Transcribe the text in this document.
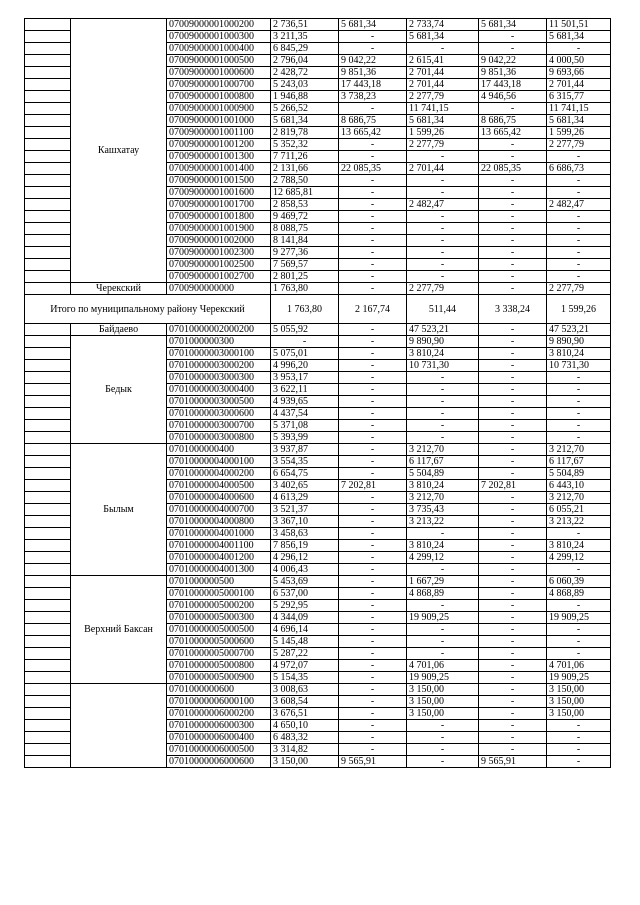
	Кашхатау	07009000001000200	2 736,51	5 681,34	2 733,74	5 681,34	11 501,51
		07009000001000300	3 211,35	-	5 681,34	-	5 681,34
		07009000001000400	6 845,29	-	-	-	-
		07009000001000500	2 796,04	9 042,22	2 615,41	9 042,22	4 000,50
		07009000001000600	2 428,72	9 851,36	2 701,44	9 851,36	9 693,66
		07009000001000700	5 243,03	17 443,18	2 701,44	17 443,18	2 701,44
		07009000001000800	1 946,88	3 738,23	2 277,79	4 946,56	6 315,77
		07009000001000900	5 266,52	-	11 741,15	-	11 741,15
		07009000001001000	5 681,34	8 686,75	5 681,34	8 686,75	5 681,34
		07009000001001100	2 819,78	13 665,42	1 599,26	13 665,42	1 599,26
		07009000001001200	5 352,32	-	2 277,79	-	2 277,79
		07009000001001300	7 711,26	-	-	-	-
		07009000001001400	2 131,66	22 085,35	2 701,44	22 085,35	6 686,73
		07009000001001500	2 788,50	-	-	-	-
		07009000001001600	12 685,81	-	-	-	-
		07009000001001700	2 858,53	-	2 482,47	-	2 482,47
		07009000001001800	9 469,72	-	-	-	-
		07009000001001900	8 088,75	-	-	-	-
		07009000001002000	8 141,84	-	-	-	-
		07009000001002300	9 277,36	-	-	-	-
		07009000001002500	7 569,57	-	-	-	-
		07009000001002700	2 801,25	-	-	-	-
	Черекский	0700900000000	1 763,80	-	2 277,79	-	2 277,79
Итого по муниципальному району Черекский			1 763,80	2 167,74	511,44	3 338,24	1 599,26
	Байдаево	07010000002000200	5 055,92	-	47 523,21	-	47 523,21
	Бедык	0701000000300	-	-	9 890,90	-	9 890,90
		07010000003000100	5 075,01	-	3 810,24	-	3 810,24
		07010000003000200	4 996,20	-	10 731,30	-	10 731,30
		07010000003000300	3 953,17	-	-	-	-
		07010000003000400	3 622,11	-	-	-	-
		07010000003000500	4 939,65	-	-	-	-
		07010000003000600	4 437,54	-	-	-	-
		07010000003000700	5 371,08	-	-	-	-
		07010000003000800	5 393,99	-	-	-	-
	Былым	0701000000400	3 937,87	-	3 212,70	-	3 212,70
		07010000004000100	3 554,35	-	6 117,67	-	6 117,67
		07010000004000200	6 654,75	-	5 504,89	-	5 504,89
		07010000004000500	3 402,65	7 202,81	3 810,24	7 202,81	6 443,10
		07010000004000600	4 613,29	-	3 212,70	-	3 212,70
		07010000004000700	3 521,37	-	3 735,43	-	6 055,21
		07010000004000800	3 367,10	-	3 213,22	-	3 213,22
		07010000004001000	3 458,63	-	-	-	-
		07010000004001100	7 856,19	-	3 810,24	-	3 810,24
		07010000004001200	4 296,12	-	4 299,12	-	4 299,12
		07010000004001300	4 006,43	-	-	-	-
	Верхний Баксан	0701000000500	5 453,69	-	1 667,29	-	6 060,39
		07010000005000100	6 537,00	-	4 868,89	-	4 868,89
		07010000005000200	5 292,95	-	-	-	-
		07010000005000300	4 344,09	-	19 909,25	-	19 909,25
		07010000005000500	4 696,14	-	-	-	-
		07010000005000600	5 145,48	-	-	-	-
		07010000005000700	5 287,22	-	-	-	-
		07010000005000800	4 972,07	-	4 701,06	-	4 701,06
		07010000005000900	5 154,35	-	19 909,25	-	19 909,25
		0701000000600	3 008,63	-	3 150,00	-	3 150,00
		07010000006000100	3 608,54	-	3 150,00	-	3 150,00
		07010000006000200	3 676,51	-	3 150,00	-	3 150,00
		07010000006000300	4 650,10	-	-	-	-
		07010000006000400	6 483,32	-	-	-	-
		07010000006000500	3 314,82	-	-	-	-
		07010000006000600	3 150,00	9 565,91	-	9 565,91	-
